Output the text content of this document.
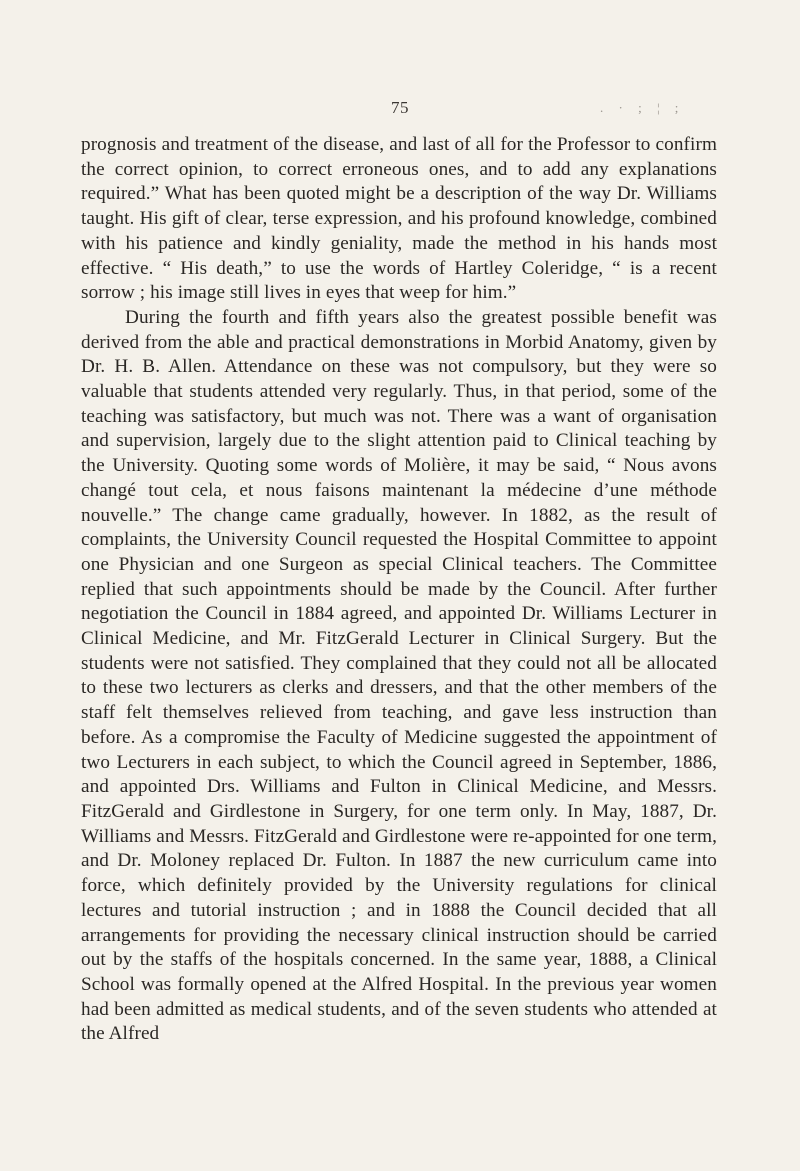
75	. · ; ¦ ;

prognosis and treatment of the disease, and last of all for the Professor to confirm the correct opinion, to correct erroneous ones, and to add any explanations required.” What has been quoted might be a description of the way Dr. Williams taught. His gift of clear, terse expression, and his profound knowledge, combined with his patience and kindly geniality, made the method in his hands most effective. “ His death,” to use the words of Hartley Coleridge, “ is a recent sorrow ; his image still lives in eyes that weep for him.”

During the fourth and fifth years also the greatest possible benefit was derived from the able and practical demonstrations in Morbid Anatomy, given by Dr. H. B. Allen. Attendance on these was not compulsory, but they were so valuable that students attended very regularly. Thus, in that period, some of the teaching was satisfactory, but much was not. There was a want of organisation and supervision, largely due to the slight attention paid to Clinical teaching by the University. Quoting some words of Molière, it may be said, “ Nous avons changé tout cela, et nous faisons maintenant la médecine d’une méthode nouvelle.” The change came gradually, however. In 1882, as the result of complaints, the University Council requested the Hospital Committee to appoint one Physician and one Surgeon as special Clinical teachers. The Committee replied that such appointments should be made by the Council. After further negotiation the Council in 1884 agreed, and appointed Dr. Williams Lecturer in Clinical Medicine, and Mr. FitzGerald Lecturer in Clinical Surgery. But the students were not satisfied. They complained that they could not all be allocated to these two lecturers as clerks and dressers, and that the other members of the staff felt themselves relieved from teaching, and gave less instruction than before. As a compromise the Faculty of Medicine suggested the appointment of two Lecturers in each subject, to which the Council agreed in September, 1886, and appointed Drs. Williams and Fulton in Clinical Medicine, and Messrs. FitzGerald and Girdlestone in Surgery, for one term only. In May, 1887, Dr. Williams and Messrs. FitzGerald and Girdlestone were re-appointed for one term, and Dr. Moloney replaced Dr. Fulton. In 1887 the new curriculum came into force, which definitely provided by the University regulations for clinical lectures and tutorial instruction ; and in 1888 the Council decided that all arrangements for providing the necessary clinical instruction should be carried out by the staffs of the hospitals concerned. In the same year, 1888, a Clinical School was formally opened at the Alfred Hospital. In the previous year women had been admitted as medical students, and of the seven students who attended at the Alfred
